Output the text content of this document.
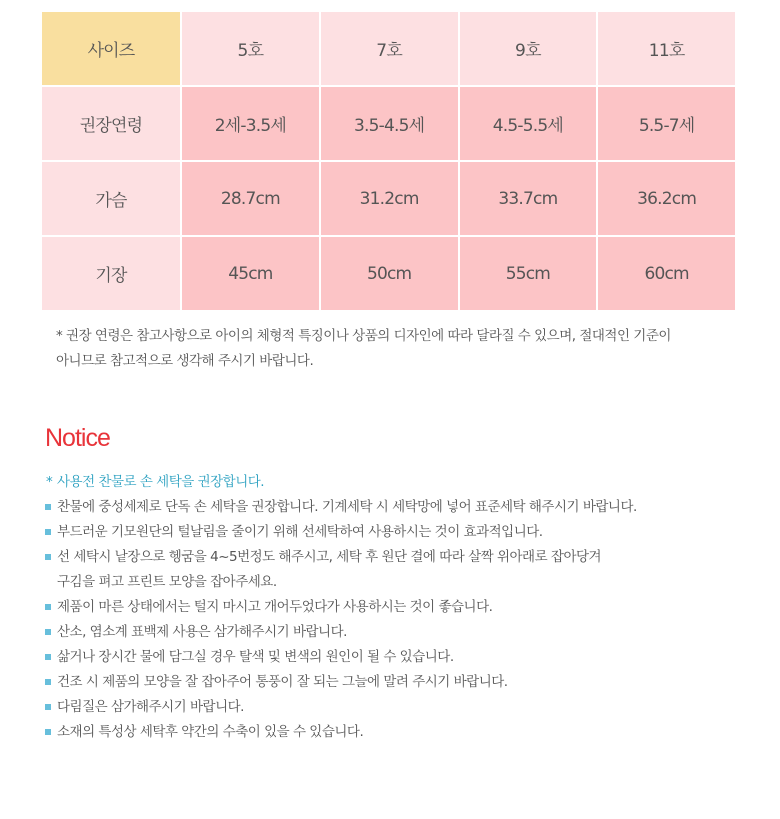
사이즈	5호	7호	9호	11호
권장연령	2세-3.5세	3.5-4.5세	4.5-5.5세	5.5-7세
가슴	28.7cm	31.2cm	33.7cm	36.2cm
기장	45cm	50cm	55cm	60cm
* 권장 연령은 참고사항으로 아이의 체형적 특징이나 상품의 디자인에 따라 달라질 수 있으며, 절대적인 기준이
아니므로 참고적으로 생각해 주시기 바랍니다.
Notice
* 사용전 찬물로 손 세탁을 권장합니다.
찬물에 중성세제로 단독 손 세탁을 권장합니다. 기계세탁 시 세탁망에 넣어 표준세탁 해주시기 바랍니다.
부드러운 기모원단의 털날림을 줄이기 위해 선세탁하여 사용하시는 것이 효과적입니다.
선 세탁시 낱장으로 헹굼을 4~5번정도 해주시고, 세탁 후 원단 결에 따라 살짝 위아래로 잡아당겨
구김을 펴고 프린트 모양을 잡아주세요.
제품이 마른 상태에서는 털지 마시고 개어두었다가 사용하시는 것이 좋습니다.
산소, 염소계 표백제 사용은 삼가해주시기 바랍니다.
삶거나 장시간 물에 담그실 경우 탈색 및 변색의 원인이 될 수 있습니다.
건조 시 제품의 모양을 잘 잡아주어 통풍이 잘 되는 그늘에 말려 주시기 바랍니다.
다림질은 삼가해주시기 바랍니다.
소재의 특성상 세탁후 약간의 수축이 있을 수 있습니다.
